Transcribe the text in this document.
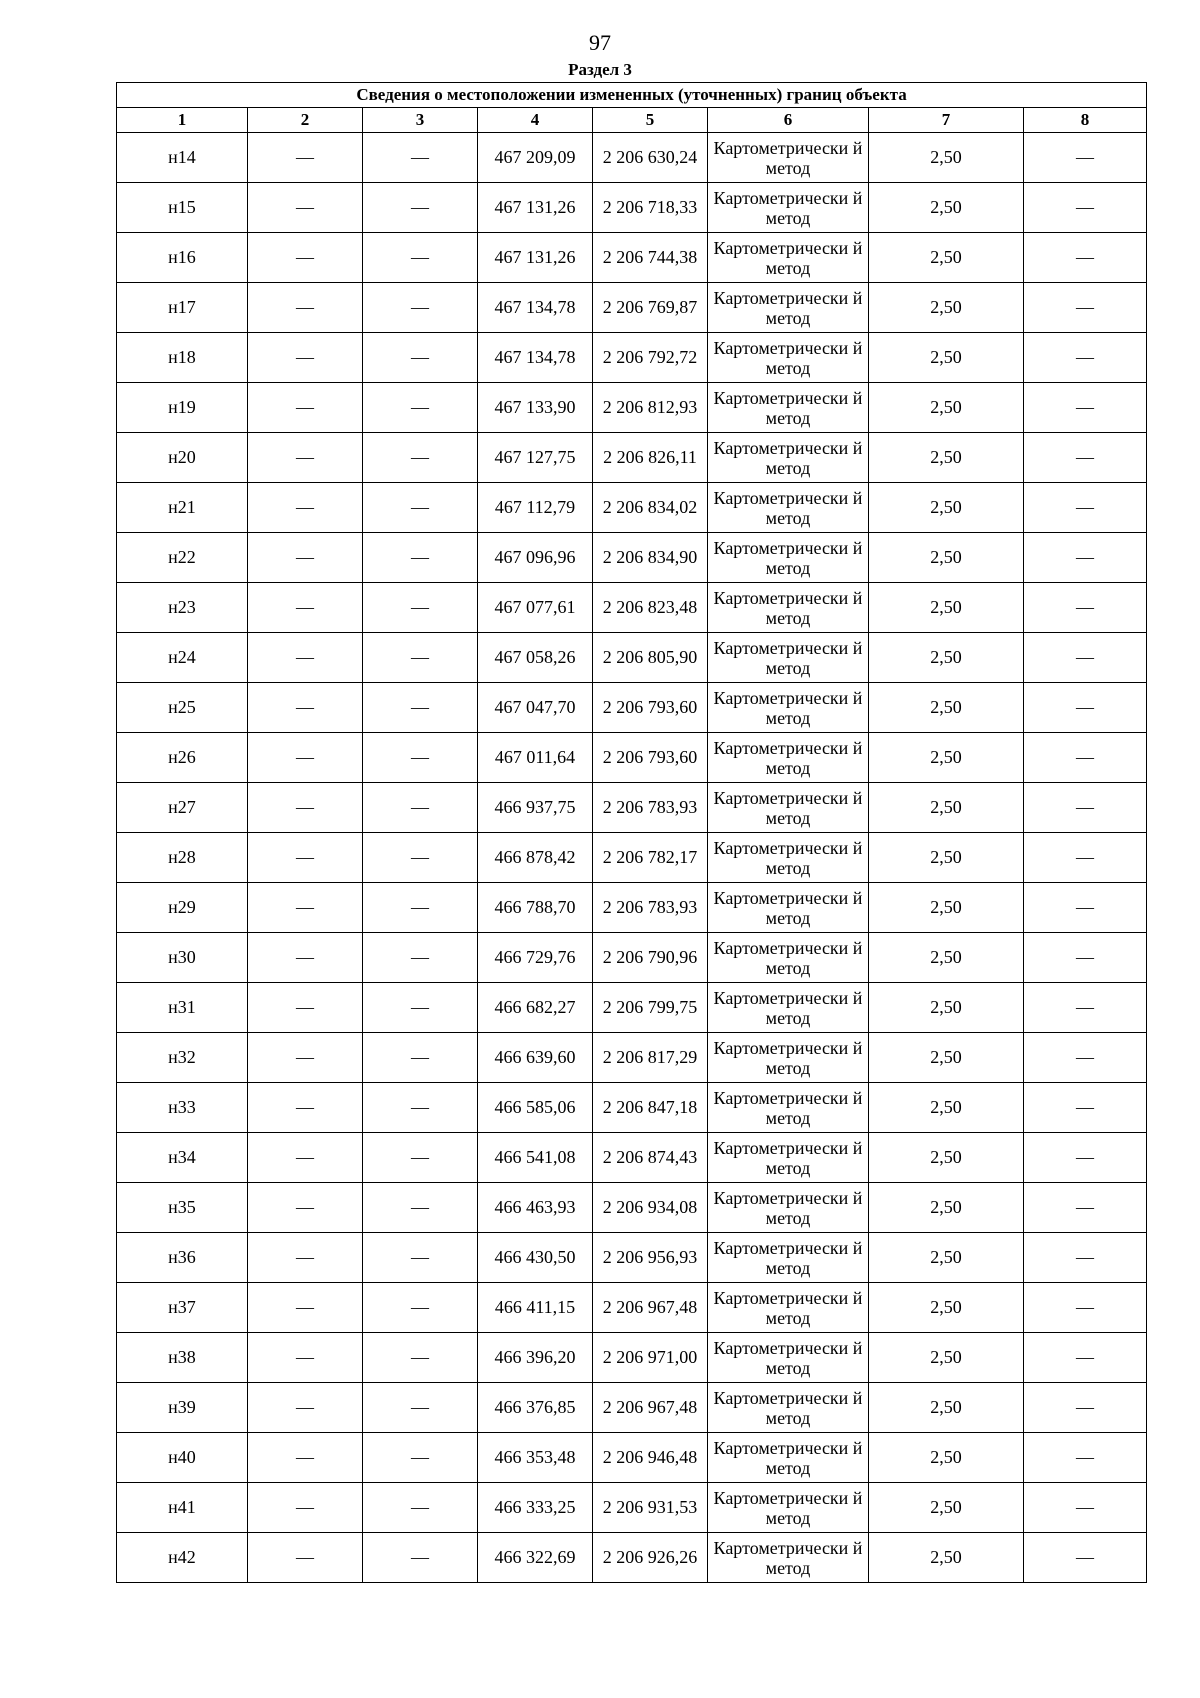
97
Раздел 3
Сведения о местоположении измененных (уточненных) границ объекта							
1	2	3	4	5	6	7	8
н14	—	—	467 209,09	2 206 630,24	Картометрически й метод	2,50	—
н15	—	—	467 131,26	2 206 718,33	Картометрически й метод	2,50	—
н16	—	—	467 131,26	2 206 744,38	Картометрически й метод	2,50	—
н17	—	—	467 134,78	2 206 769,87	Картометрически й метод	2,50	—
н18	—	—	467 134,78	2 206 792,72	Картометрически й метод	2,50	—
н19	—	—	467 133,90	2 206 812,93	Картометрически й метод	2,50	—
н20	—	—	467 127,75	2 206 826,11	Картометрически й метод	2,50	—
н21	—	—	467 112,79	2 206 834,02	Картометрически й метод	2,50	—
н22	—	—	467 096,96	2 206 834,90	Картометрически й метод	2,50	—
н23	—	—	467 077,61	2 206 823,48	Картометрически й метод	2,50	—
н24	—	—	467 058,26	2 206 805,90	Картометрически й метод	2,50	—
н25	—	—	467 047,70	2 206 793,60	Картометрически й метод	2,50	—
н26	—	—	467 011,64	2 206 793,60	Картометрически й метод	2,50	—
н27	—	—	466 937,75	2 206 783,93	Картометрически й метод	2,50	—
н28	—	—	466 878,42	2 206 782,17	Картометрически й метод	2,50	—
н29	—	—	466 788,70	2 206 783,93	Картометрически й метод	2,50	—
н30	—	—	466 729,76	2 206 790,96	Картометрически й метод	2,50	—
н31	—	—	466 682,27	2 206 799,75	Картометрически й метод	2,50	—
н32	—	—	466 639,60	2 206 817,29	Картометрически й метод	2,50	—
н33	—	—	466 585,06	2 206 847,18	Картометрически й метод	2,50	—
н34	—	—	466 541,08	2 206 874,43	Картометрически й метод	2,50	—
н35	—	—	466 463,93	2 206 934,08	Картометрически й метод	2,50	—
н36	—	—	466 430,50	2 206 956,93	Картометрически й метод	2,50	—
н37	—	—	466 411,15	2 206 967,48	Картометрически й метод	2,50	—
н38	—	—	466 396,20	2 206 971,00	Картометрически й метод	2,50	—
н39	—	—	466 376,85	2 206 967,48	Картометрически й метод	2,50	—
н40	—	—	466 353,48	2 206 946,48	Картометрически й метод	2,50	—
н41	—	—	466 333,25	2 206 931,53	Картометрически й метод	2,50	—
н42	—	—	466 322,69	2 206 926,26	Картометрически й метод	2,50	—
